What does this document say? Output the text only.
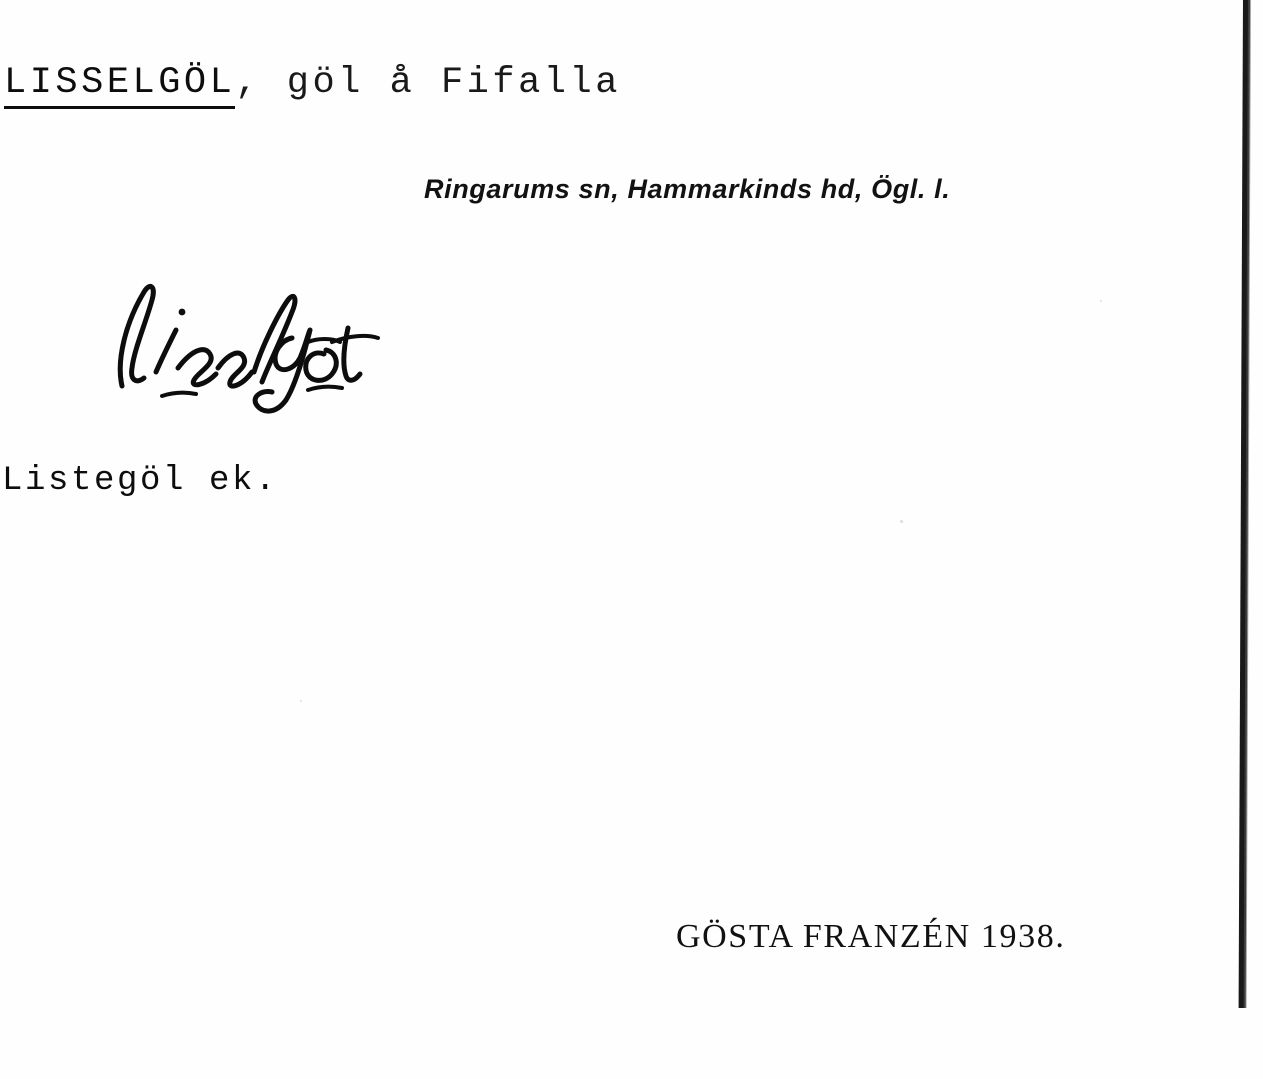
LISSELGÖL, göl å Fifalla
Ringarums sn, Hammarkinds hd, Ögl. l.
Listegöl ek.
GÖSTA FRANZÉN 1938.
